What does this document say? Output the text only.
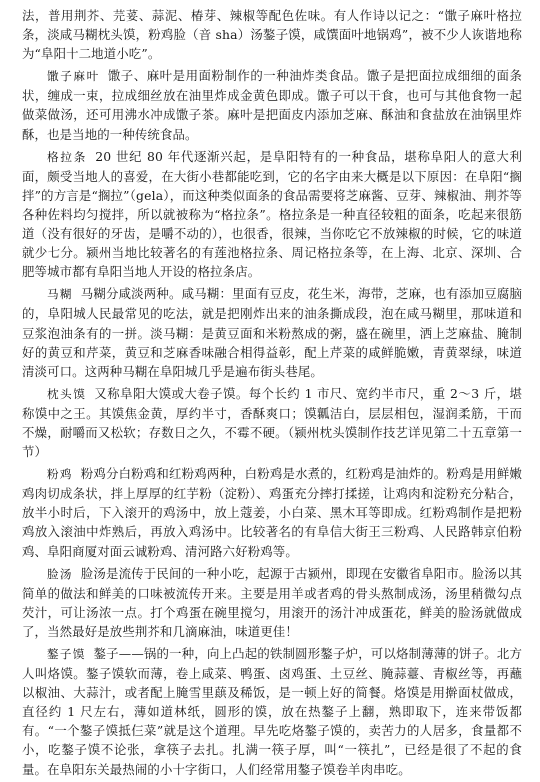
法，普用荆芥、芫荽、蒜泥、椿芽、辣椒等配色佐味。有人作诗以记之：“馓子麻叶格拉条，淡咸马糊枕头馍，粉鸡脸（音 sha）汤鏊子馍，咸馔面叶地锅鸡”，被不少人诙谐地称为“阜阳十二地道小吃”。

馓子麻叶 馓子、麻叶是用面粉制作的一种油炸类食品。馓子是把面拉成细细的面条状，缠成一束，拉成细丝放在油里炸成金黄色即成。馓子可以干食，也可与其他食物一起做菜做汤，还可用沸水冲成馓子茶。麻叶是把面皮内添加芝麻、酥油和食盐放在油锅里炸酥，也是当地的一种传统食品。

格拉条 20 世纪 80 年代逐渐兴起，是阜阳特有的一种食品，堪称阜阳人的意大利面，颇受当地人的喜爱，在大街小巷都能吃到，它的名字由来大概是以下原因：在阜阳“搁拌”的方言是“搁拉”（gela），而这种类似面条的食品需要将芝麻酱、豆芽、辣椒油、荆芥等各种佐料均匀搅拌，所以就被称为“格拉条”。格拉条是一种直径较粗的面条，吃起来很筋道（没有很好的牙齿，是嚼不动的），也很香，很辣，当你吃它不放辣椒的时候，它的味道就少七分。颍州当地比较著名的有莲池格拉条、周记格拉条等，在上海、北京、深圳、合肥等城市都有阜阳当地人开设的格拉条店。

马糊 马糊分咸淡两种。咸马糊：里面有豆皮，花生米，海带，芝麻，也有添加豆腐脑的，阜阳城人民最常见的吃法，就是把刚炸出来的油条撕成段，泡在咸马糊里，那味道和豆浆泡油条有的一拼。淡马糊：是黄豆面和米粉熬成的粥，盛在碗里，洒上芝麻盐、腌制好的黄豆和芹菜，黄豆和芝麻香味融合相得益彰，配上芹菜的咸鲜脆嫩，青黄翠绿，味道清淡可口。这两种马糊在阜阳城几乎是遍布街头巷尾。

枕头馍 又称阜阳大馍或大卷子馍。每个长约 1 市尺、宽约半市尺，重 2～3 斤，堪称馍中之王。其馍焦金黄，厚约半寸，香酥爽口；馍瓤洁白，层层相包，湿润柔筋，干而不燥，耐嚼而又松软；存数日之久，不霉不硬。（颍州枕头馍制作技艺详见第二十五章第一节）

粉鸡 粉鸡分白粉鸡和红粉鸡两种，白粉鸡是水煮的，红粉鸡是油炸的。粉鸡是用鲜嫩鸡肉切成条状，拌上厚厚的红芋粉（淀粉）、鸡蛋充分摔打揉搓，让鸡肉和淀粉充分粘合，放半小时后，下入滚开的鸡汤中，放上蔻姜，小白菜、黑木耳等即成。红粉鸡制作是把粉鸡放入滚油中炸熟后，再放入鸡汤中。比较著名的有阜信大街王三粉鸡、人民路韩京伯粉鸡、阜阳商厦对面云诚粉鸡、清河路六好粉鸡等。

脸汤 脸汤是流传于民间的一种小吃，起源于古颍州，即现在安徽省阜阳市。脸汤以其简单的做法和鲜美的口味被流传开来。主要是用羊或者鸡的骨头熬制成汤，汤里稍微勾点芡汁，可让汤浓一点。打个鸡蛋在碗里搅匀，用滚开的汤汁冲成蛋花，鲜美的脸汤就做成了，当然最好是放些荆芥和几滴麻油，味道更佳！

鏊子馍 鏊子——锅的一种，向上凸起的铁制圆形鏊子炉，可以烙制薄薄的饼子。北方人叫烙馍。鏊子馍软而薄，卷上咸菜、鸭蛋、卤鸡蛋、土豆丝、腌蒜薹、青椒丝等，再蘸以椒油、大蒜汁，或者配上腌雪里蕻及稀饭，是一顿上好的简餐。烙馍是用擀面杖做成，直径约 1 尺左右，薄如道林纸，圆形的馍，放在热鏊子上翻，熟即取下，连来带饭都有。“一个鏊子馍抵仨菜”就是这个道理。早先吃烙鏊子馍的，卖苦力的人居多，食量都不小，吃鏊子馍不论张，拿筷子去扎。扎满一筷子厚，叫“一筷扎”，已经是很了不起的食量。在阜阳东关最热闹的小十字街口，人们经常用鏊子馍卷羊肉串吃。
